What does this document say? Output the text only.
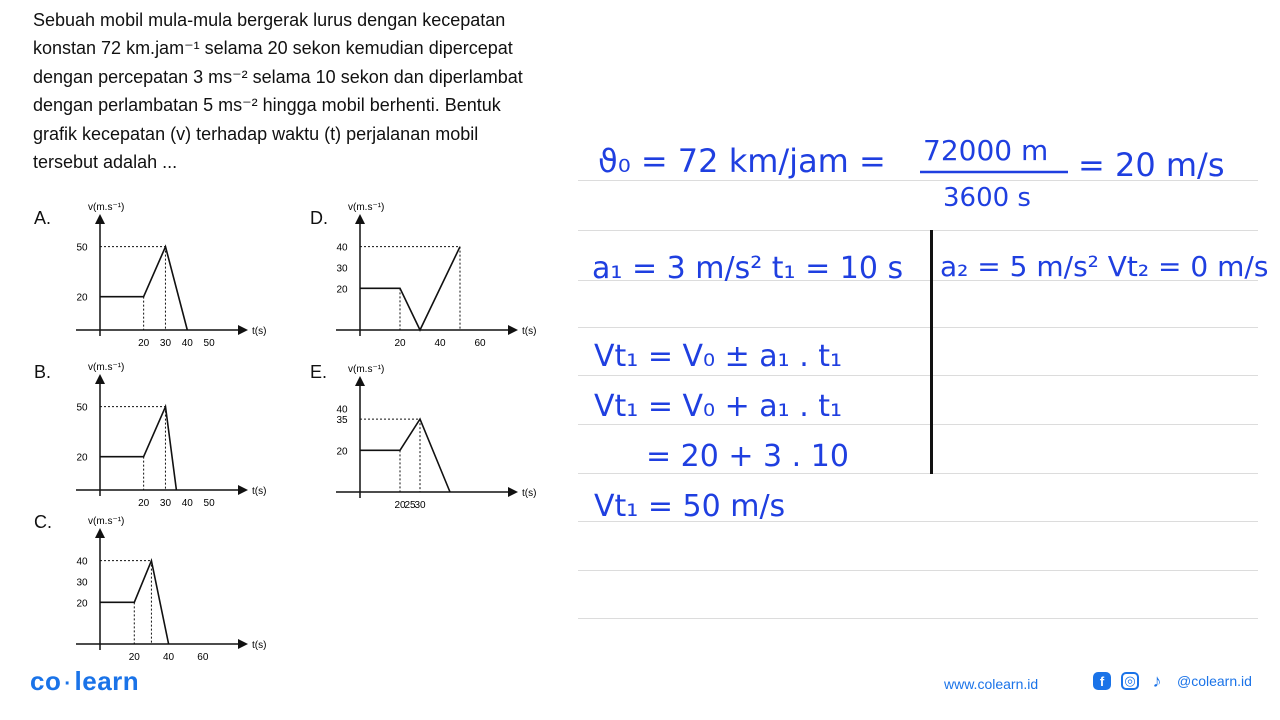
Sebuah mobil mula-mula bergerak lurus dengan kecepatan

konstan 72 km.jam⁻¹ selama 20 sekon kemudian dipercepat

dengan percepatan 3 ms⁻² selama 10 sekon dan diperlambat

dengan perlambatan 5 ms⁻² hingga mobil berhenti. Bentuk

grafik kecepatan (v) terhadap waktu (t) perjalanan mobil

tersebut adalah ...

A.
B.
C.
D.
E.
v(m.s⁻¹)
t(s)
50
20
20 30 40 50
v(m.s⁻¹)
t(s)
50
20
20 30 40 50
v(m.s⁻¹)
t(s)
40
30
20
20 40 60
v(m.s⁻¹)
t(s)
40
30
20
20	40	60
v(m.s⁻¹)
t(s)
40
35
20
20
25
30
ϑ₀ = 72 km/jam = 72000 m
3600 s
= 20 m/s
a₁ = 3 m/s² t₁ = 10 s a₂ = 5 m/s² Vt₂ = 0 m/s
Vt₁ = V₀ ± a₁ . t₁
Vt₁ = V₀ + a₁ . t₁
= 20 + 3 . 10
Vt₁ = 50 m/s
co · learn	www.colearn.id	f	◎ ♪ @colearn.id
